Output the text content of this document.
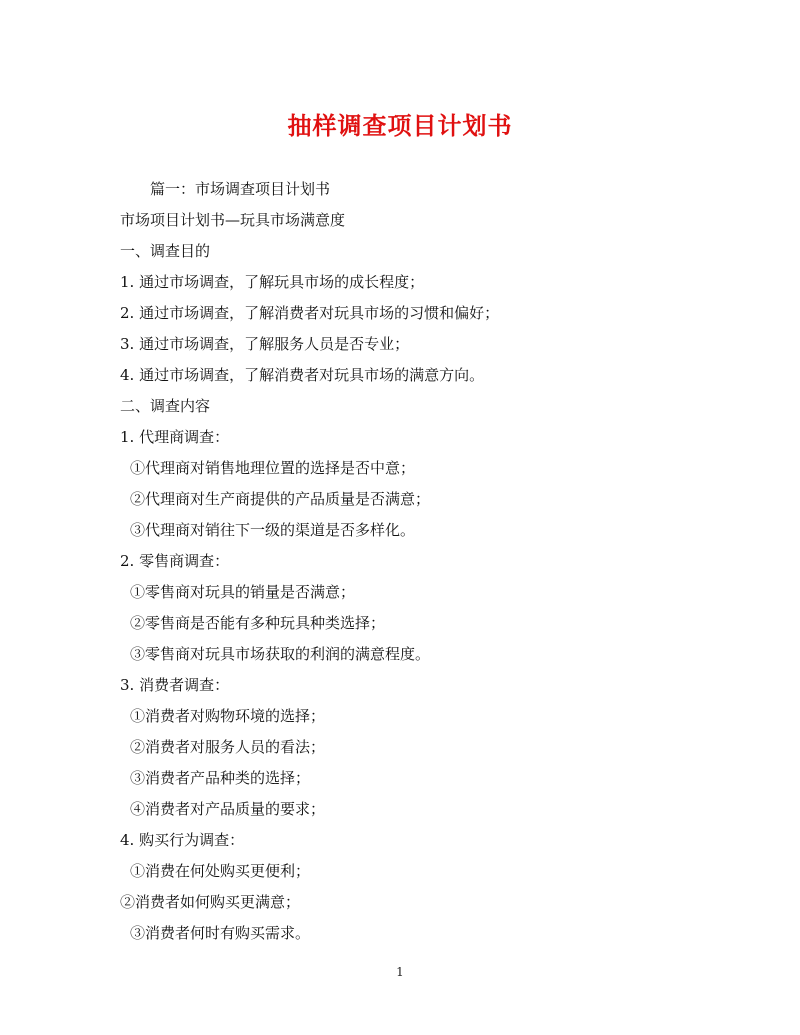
抽样调查项目计划书
篇一：市场调查项目计划书
市场项目计划书—玩具市场满意度
一、调查目的
1. 通过市场调查，了解玩具市场的成长程度；
2. 通过市场调查，了解消费者对玩具市场的习惯和偏好；
3. 通过市场调查，了解服务人员是否专业；
4. 通过市场调查，了解消费者对玩具市场的满意方向。
二、调查内容
1. 代理商调查：
①代理商对销售地理位置的选择是否中意；
②代理商对生产商提供的产品质量是否满意；
③代理商对销往下一级的渠道是否多样化。
2. 零售商调查：
①零售商对玩具的销量是否满意；
②零售商是否能有多种玩具种类选择；
③零售商对玩具市场获取的利润的满意程度。
3. 消费者调查：
①消费者对购物环境的选择；
②消费者对服务人员的看法；
③消费者产品种类的选择；
④消费者对产品质量的要求；
4. 购买行为调查：
①消费在何处购买更便利；
②消费者如何购买更满意；
③消费者何时有购买需求。
1
